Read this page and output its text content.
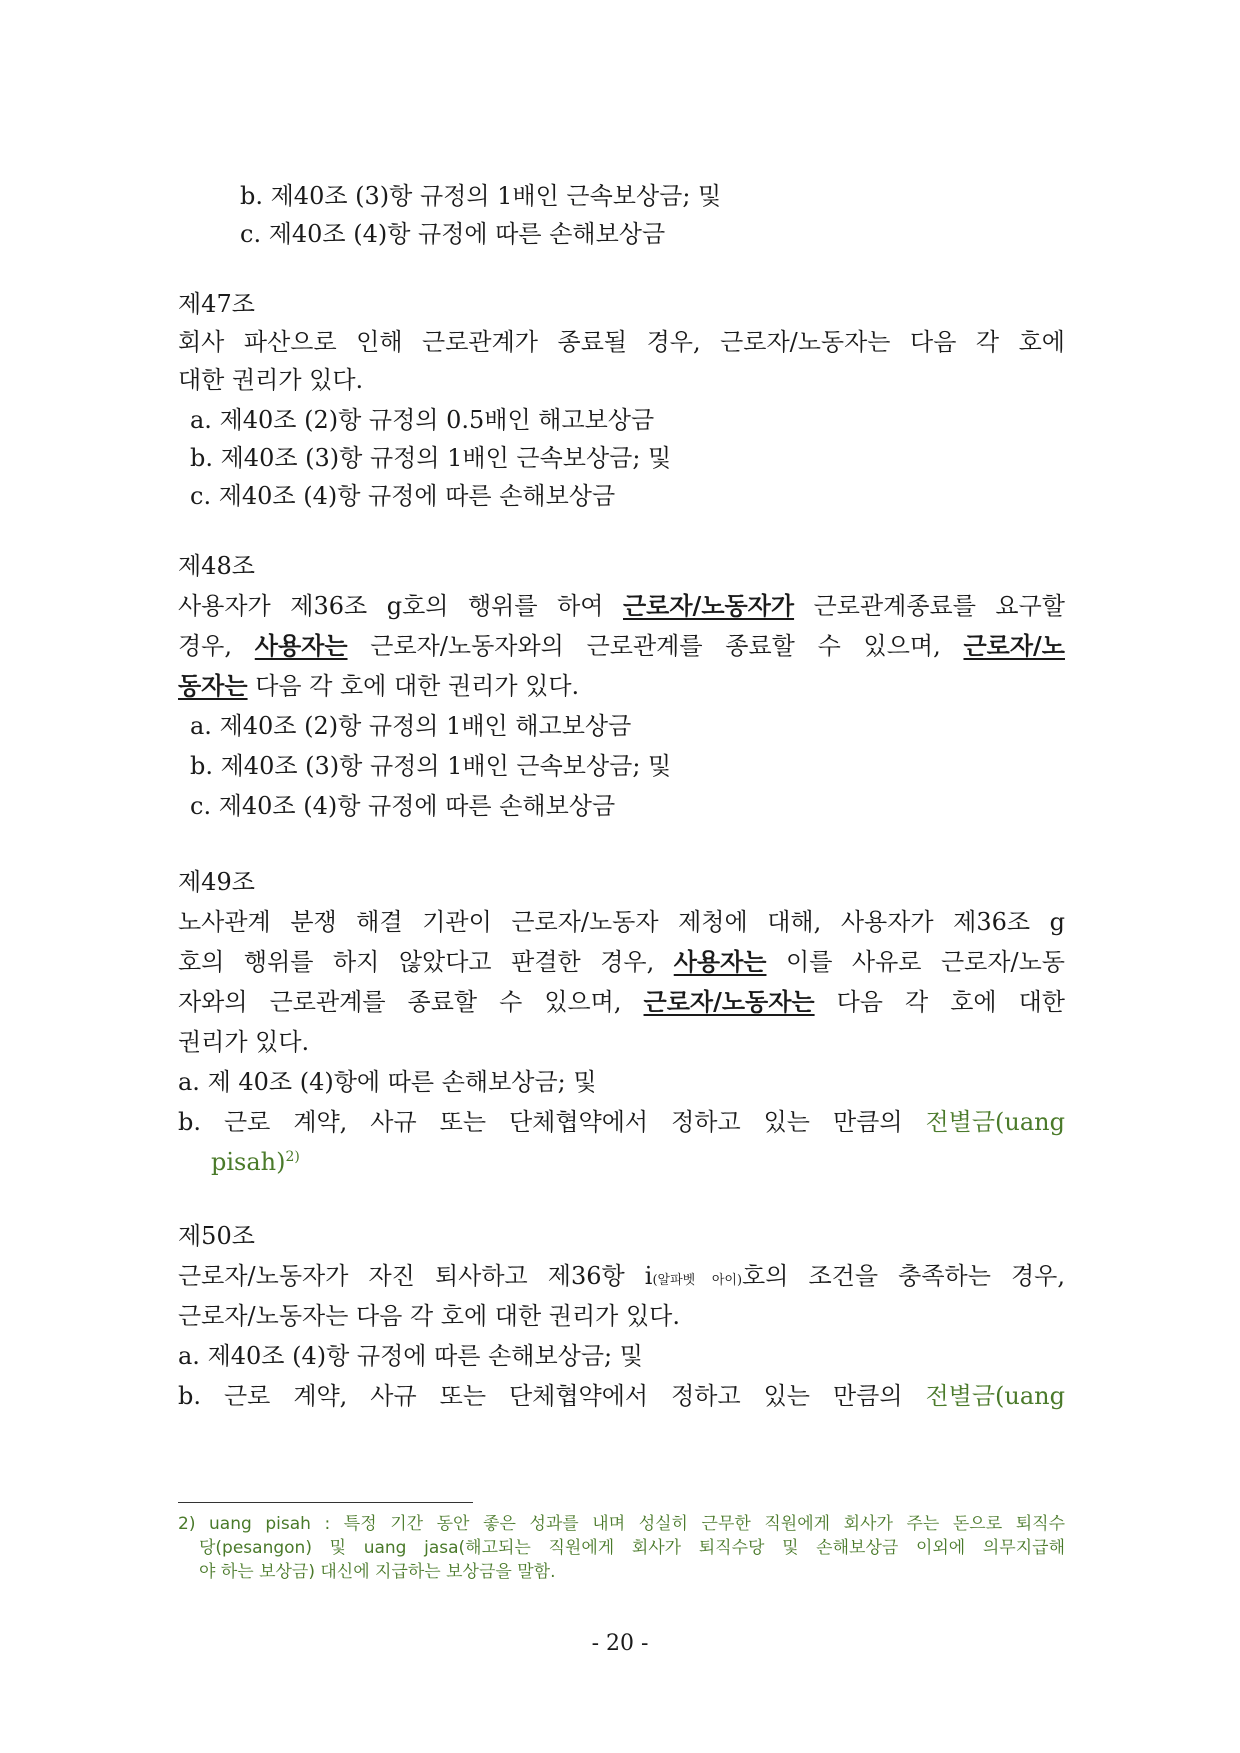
b. 제40조 (3)항 규정의 1배인 근속보상금; 및
c. 제40조 (4)항 규정에 따른 손해보상금
제47조
회사 파산으로 인해 근로관계가 종료될 경우, 근로자/노동자는 다음 각 호에
대한 권리가 있다.
a. 제40조 (2)항 규정의 0.5배인 해고보상금
b. 제40조 (3)항 규정의 1배인 근속보상금; 및
c. 제40조 (4)항 규정에 따른 손해보상금
제48조
사용자가 제36조 g호의 행위를 하여 근로자/노동자가 근로관계종료를 요구할
경우, 사용자는 근로자/노동자와의 근로관계를 종료할 수 있으며, 근로자/노
동자는 다음 각 호에 대한 권리가 있다.
a. 제40조 (2)항 규정의 1배인 해고보상금
b. 제40조 (3)항 규정의 1배인 근속보상금; 및
c. 제40조 (4)항 규정에 따른 손해보상금
제49조
노사관계 분쟁 해결 기관이 근로자/노동자 제청에 대해, 사용자가 제36조 g
호의 행위를 하지 않았다고 판결한 경우, 사용자는 이를 사유로 근로자/노동
자와의 근로관계를 종료할 수 있으며, 근로자/노동자는 다음 각 호에 대한
권리가 있다.
a. 제 40조 (4)항에 따른 손해보상금; 및
b. 근로 계약, 사규 또는 단체협약에서 정하고 있는 만큼의 전별금(uang
pisah)$^{2)}$
제50조
근로자/노동자가 자진 퇴사하고 제36항 i(알파벳 아이)호의 조건을 충족하는 경우,
근로자/노동자는 다음 각 호에 대한 권리가 있다.
a. 제40조 (4)항 규정에 따른 손해보상금; 및
b. 근로 계약, 사규 또는 단체협약에서 정하고 있는 만큼의 전별금(uang
2) uang pisah : 특정 기간 동안 좋은 성과를 내며 성실히 근무한 직원에게 회사가 주는 돈으로 퇴직수
당(pesangon) 및 uang jasa(해고되는 직원에게 회사가 퇴직수당 및 손해보상금 이외에 의무지급해
야 하는 보상금) 대신에 지급하는 보상금을 말함.
- 20 -
